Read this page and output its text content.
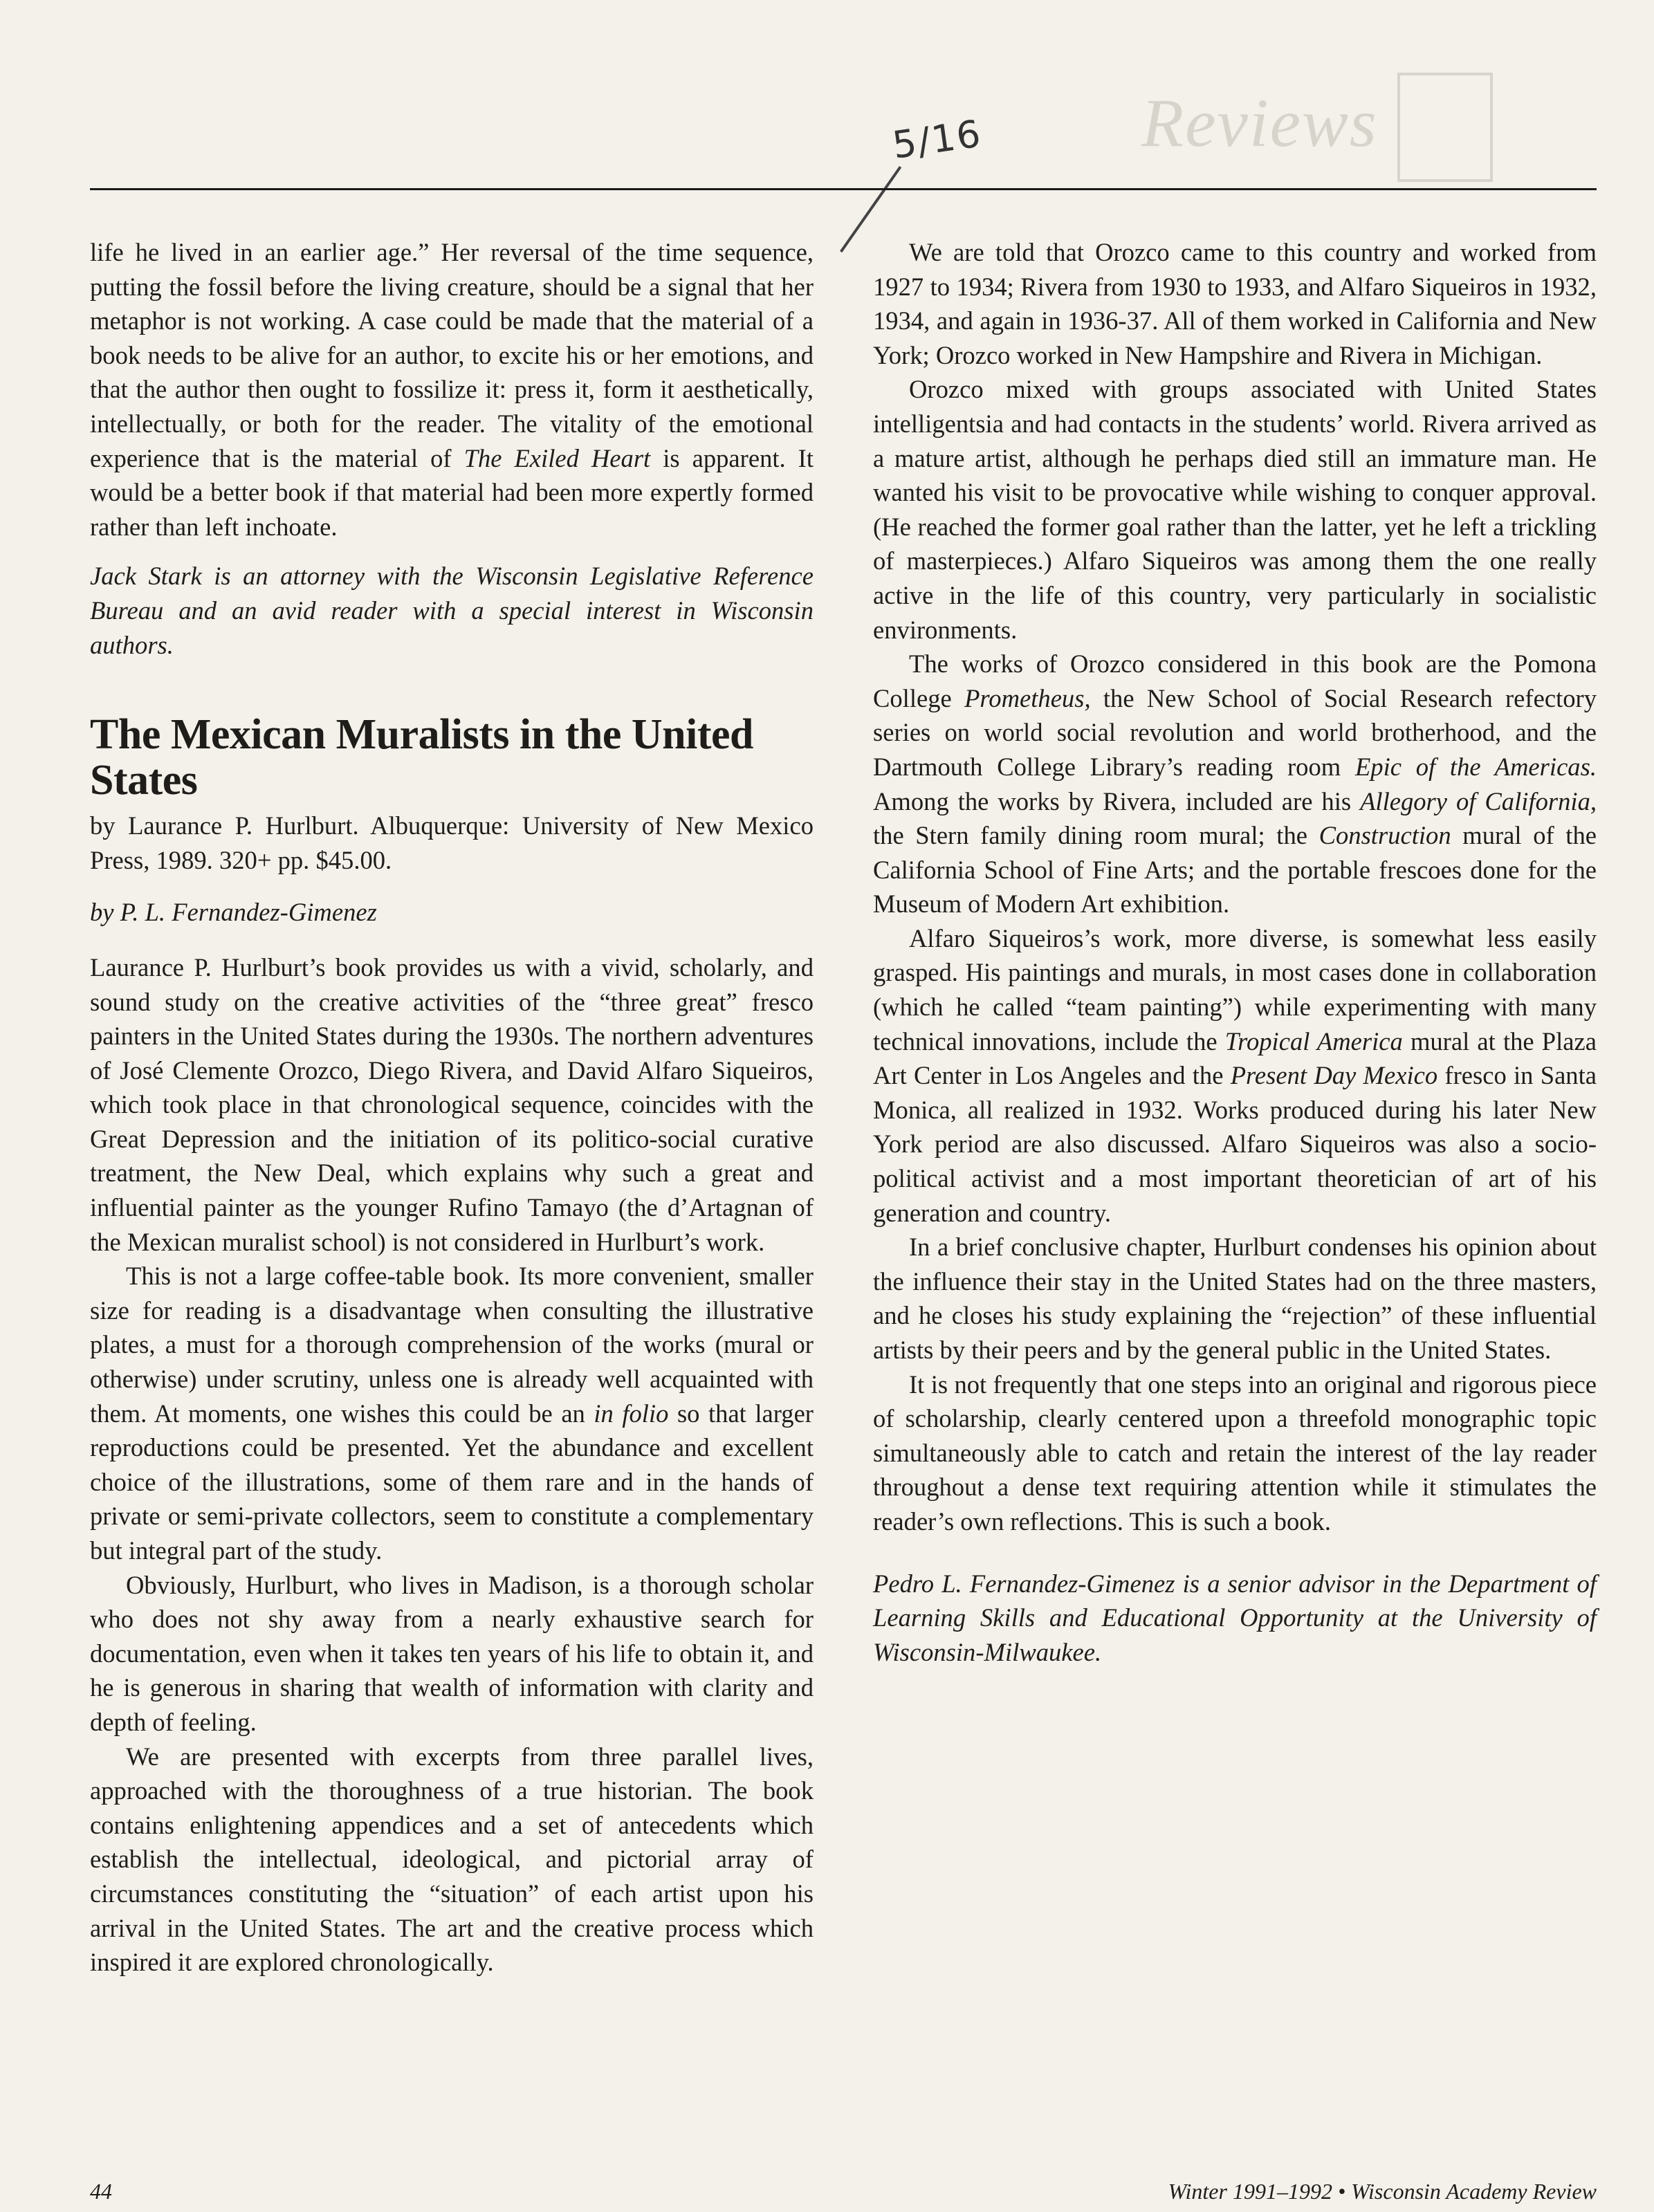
Reviews
5/16

life he lived in an earlier age.” Her reversal of the time sequence, putting the fossil before the living creature, should be a signal that her metaphor is not working. A case could be made that the material of a book needs to be alive for an author, to excite his or her emotions, and that the author then ought to fossilize it: press it, form it aesthetically, intellectually, or both for the reader. The vitality of the emotional experience that is the material of The Exiled Heart is apparent. It would be a better book if that material had been more expertly formed rather than left inchoate.

Jack Stark is an attorney with the Wisconsin Legislative Reference Bureau and an avid reader with a special interest in Wisconsin authors.

The Mexican Muralists in the United States

by Laurance P. Hurlburt. Albuquerque: University of New Mexico Press, 1989. 320+ pp. $45.00.

by P. L. Fernandez-Gimenez

Laurance P. Hurlburt’s book provides us with a vivid, scholarly, and sound study on the creative activities of the “three great” fresco painters in the United States during the 1930s. The northern adventures of José Clemente Orozco, Diego Rivera, and David Alfaro Siqueiros, which took place in that chronological sequence, coincides with the Great Depression and the initiation of its politico-social curative treatment, the New Deal, which explains why such a great and influential painter as the younger Rufino Tamayo (the d’Artagnan of the Mexican muralist school) is not considered in Hurlburt’s work.

This is not a large coffee-table book. Its more convenient, smaller size for reading is a disadvantage when consulting the illustrative plates, a must for a thorough comprehension of the works (mural or otherwise) under scrutiny, unless one is already well acquainted with them. At moments, one wishes this could be an in folio so that larger reproductions could be presented. Yet the abundance and excellent choice of the illustrations, some of them rare and in the hands of private or semi-private collectors, seem to constitute a complementary but integral part of the study.

Obviously, Hurlburt, who lives in Madison, is a thorough scholar who does not shy away from a nearly exhaustive search for documentation, even when it takes ten years of his life to obtain it, and he is generous in sharing that wealth of information with clarity and depth of feeling.

We are presented with excerpts from three parallel lives, approached with the thoroughness of a true historian. The book contains enlightening appendices and a set of antecedents which establish the intellectual, ideological, and pictorial array of circumstances constituting the “situation” of each artist upon his arrival in the United States. The art and the creative process which inspired it are explored chronologically.

We are told that Orozco came to this country and worked from 1927 to 1934; Rivera from 1930 to 1933, and Alfaro Siqueiros in 1932, 1934, and again in 1936-37. All of them worked in California and New York; Orozco worked in New Hampshire and Rivera in Michigan.

Orozco mixed with groups associated with United States intelligentsia and had contacts in the students’ world. Rivera arrived as a mature artist, although he perhaps died still an immature man. He wanted his visit to be provocative while wishing to conquer approval. (He reached the former goal rather than the latter, yet he left a trickling of masterpieces.) Alfaro Siqueiros was among them the one really active in the life of this country, very particularly in socialistic environments.

The works of Orozco considered in this book are the Pomona College Prometheus, the New School of Social Research refectory series on world social revolution and world brotherhood, and the Dartmouth College Library’s reading room Epic of the Americas. Among the works by Rivera, included are his Allegory of California, the Stern family dining room mural; the Construction mural of the California School of Fine Arts; and the portable frescoes done for the Museum of Modern Art exhibition.

Alfaro Siqueiros’s work, more diverse, is somewhat less easily grasped. His paintings and murals, in most cases done in collaboration (which he called “team painting”) while experimenting with many technical innovations, include the Tropical America mural at the Plaza Art Center in Los Angeles and the Present Day Mexico fresco in Santa Monica, all realized in 1932. Works produced during his later New York period are also discussed. Alfaro Siqueiros was also a socio-political activist and a most important theoretician of art of his generation and country.

In a brief conclusive chapter, Hurlburt condenses his opinion about the influence their stay in the United States had on the three masters, and he closes his study explaining the “rejection” of these influential artists by their peers and by the general public in the United States.

It is not frequently that one steps into an original and rigorous piece of scholarship, clearly centered upon a threefold monographic topic simultaneously able to catch and retain the interest of the lay reader throughout a dense text requiring attention while it stimulates the reader’s own reflections. This is such a book.

Pedro L. Fernandez-Gimenez is a senior advisor in the Department of Learning Skills and Educational Opportunity at the University of Wisconsin-Milwaukee.

44	Winter 1991–1992 • Wisconsin Academy Review
